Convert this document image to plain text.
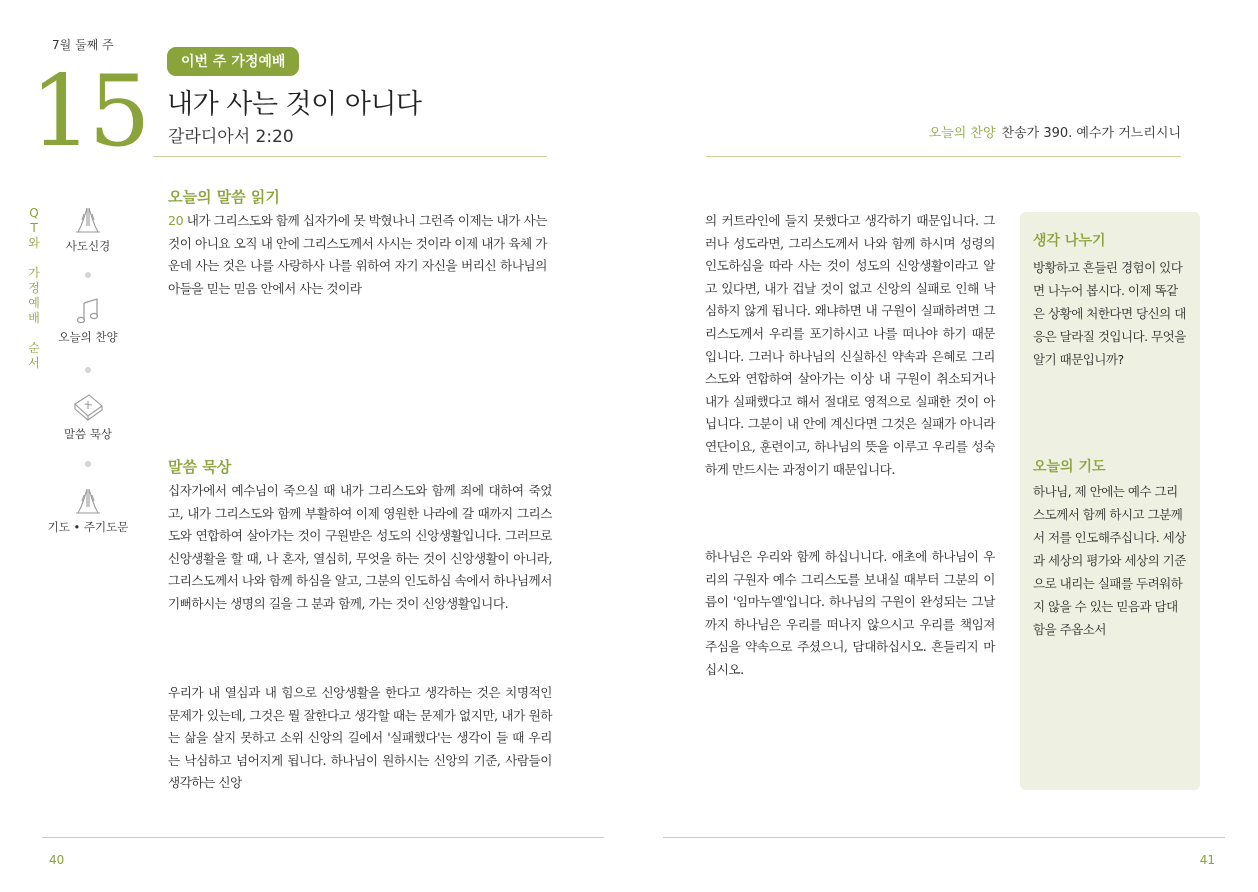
7월 둘째 주
15	이번 주 가정예배
내가 사는 것이 아니다
갈라디아서 2:20	오늘의 찬양 찬송가 390. 예수가 거느리시니
Q
T
와
가
정
예
배
순
서
사도신경
오늘의 찬양
말씀 묵상
기도 • 주기도문
오늘의 말씀 읽기

20 내가 그리스도와 함께 십자가에 못 박혔나니 그런즉 이제는 내가 사는 것이 아니요 오직 내 안에 그리스도께서 사시는 것이라 이제 내가 육체 가운데 사는 것은 나를 사랑하사 나를 위하여 자기 자신을 버리신 하나님의 아들을 믿는 믿음 안에서 사는 것이라

말씀 묵상

십자가에서 예수님이 죽으실 때 내가 그리스도와 함께 죄에 대하여 죽었고, 내가 그리스도와 함께 부활하여 이제 영원한 나라에 갈 때까지 그리스도와 연합하여 살아가는 것이 구원받은 성도의 신앙생활입니다. 그러므로 신앙생활을 할 때, 나 혼자, 열심히, 무엇을 하는 것이 신앙생활이 아니라, 그리스도께서 나와 함께 하심을 알고, 그분의 인도하심 속에서 하나님께서 기뻐하시는 생명의 길을 그 분과 함께, 가는 것이 신앙생활입니다.

우리가 내 열심과 내 힘으로 신앙생활을 한다고 생각하는 것은 치명적인 문제가 있는데, 그것은 뭘 잘한다고 생각할 때는 문제가 없지만, 내가 원하는 삶을 살지 못하고 소위 신앙의 길에서 '실패했다'는 생각이 들 때 우리는 낙심하고 넘어지게 됩니다. 하나님이 원하시는 신앙의 기준, 사람들이 생각하는 신앙

의 커트라인에 들지 못했다고 생각하기 때문입니다. 그러나 성도라면, 그리스도께서 나와 함께 하시며 성령의 인도하심을 따라 사는 것이 성도의 신앙생활이라고 알고 있다면, 내가 겁날 것이 없고 신앙의 실패로 인해 낙심하지 않게 됩니다. 왜냐하면 내 구원이 실패하려면 그리스도께서 우리를 포기하시고 나를 떠나야 하기 때문입니다. 그러나 하나님의 신실하신 약속과 은혜로 그리스도와 연합하여 살아가는 이상 내 구원이 취소되거나 내가 실패했다고 해서 절대로 영적으로 실패한 것이 아닙니다. 그분이 내 안에 계신다면 그것은 실패가 아니라 연단이요, 훈련이고, 하나님의 뜻을 이루고 우리를 성숙하게 만드시는 과정이기 때문입니다.

하나님은 우리와 함께 하십니니다. 애초에 하나님이 우리의 구원자 예수 그리스도를 보내실 때부터 그분의 이름이 '임마누엘'입니다. 하나님의 구원이 완성되는 그날까지 하나님은 우리를 떠나지 않으시고 우리를 책임져 주심을 약속으로 주셨으니, 담대하십시오. 흔들리지 마십시오.

생각 나누기
방황하고 흔들린 경험이 있다면 나누어 봅시다. 이제 똑같은 상황에 처한다면 당신의 대응은 달라질 것입니다. 무엇을 알기 때문입니까?
오늘의 기도
하나님, 제 안에는 예수 그리스도께서 함께 하시고 그분께서 저를 인도해주십니다. 세상과 세상의 평가와 세상의 기준으로 내리는 실패를 두려워하지 않을 수 있는 믿음과 담대함을 주옵소서
40	41
